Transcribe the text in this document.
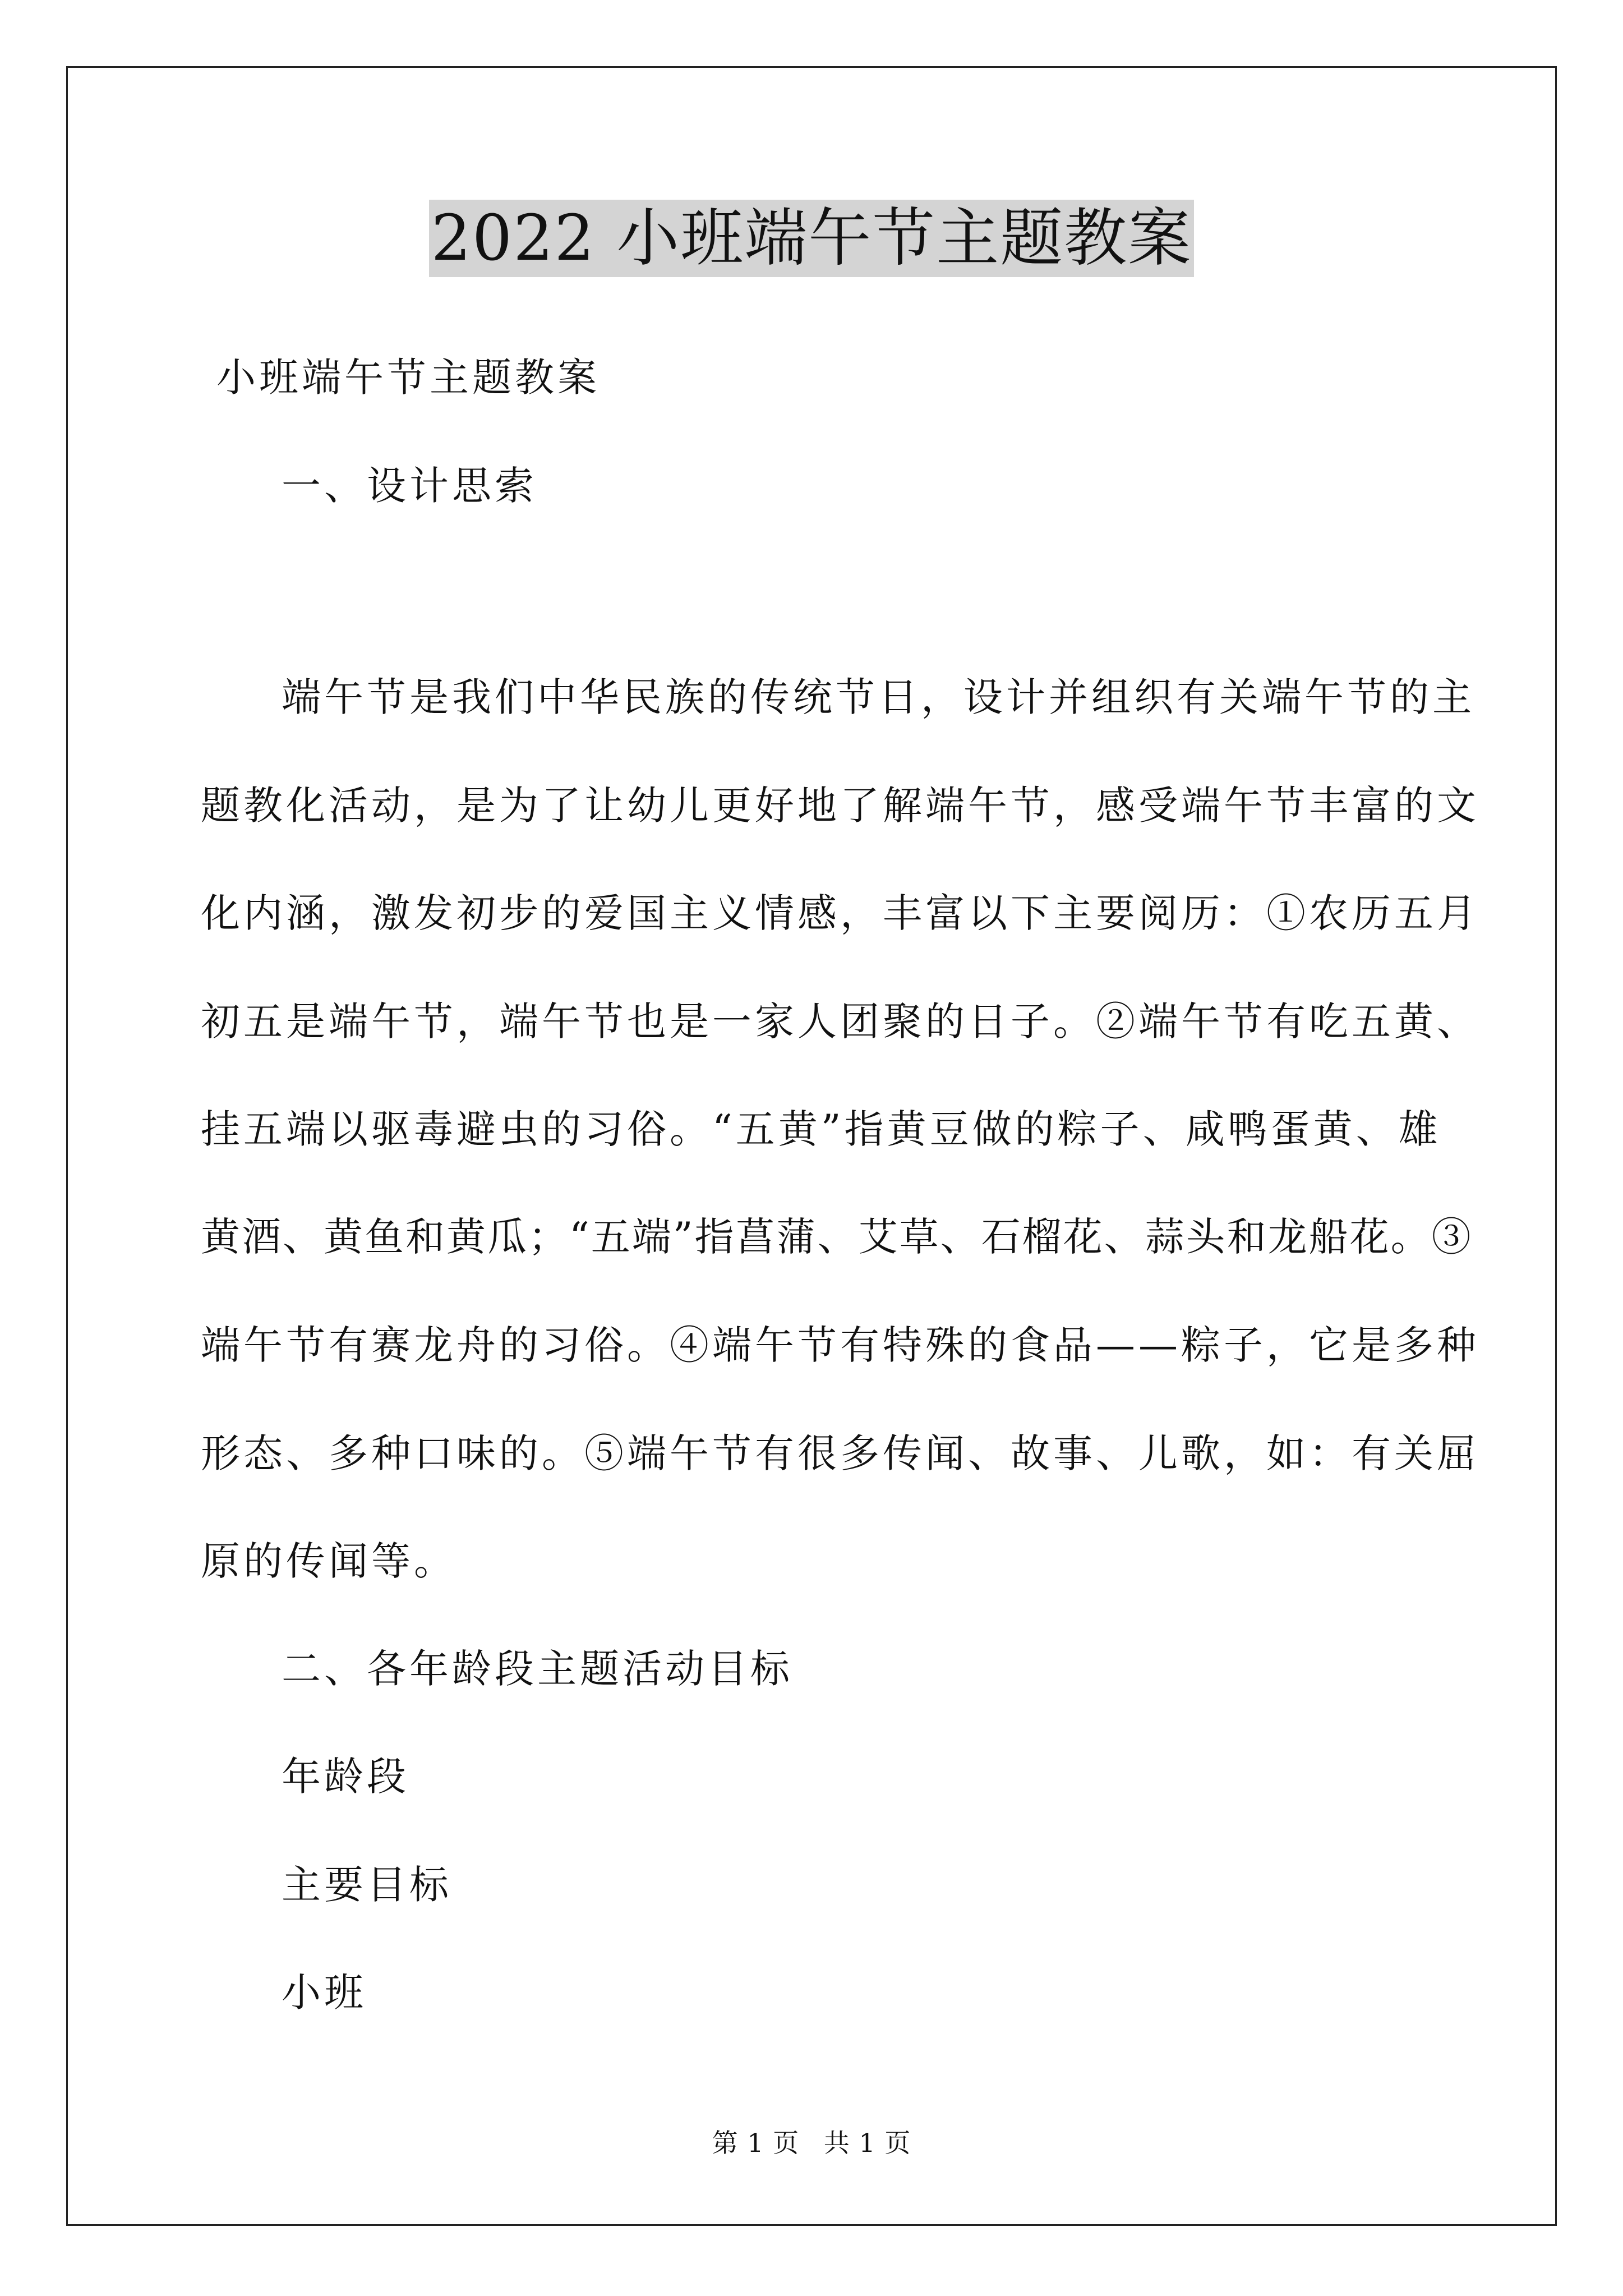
2022 小班端午节主题教案
小班端午节主题教案
一、设计思索
端午节是我们中华民族的传统节日，设计并组织有关端午节的主
题教化活动，是为了让幼儿更好地了解端午节，感受端午节丰富的文
化内涵，激发初步的爱国主义情感，丰富以下主要阅历：①农历五月
初五是端午节，端午节也是一家人团聚的日子。②端午节有吃五黄、
挂五端以驱毒避虫的习俗。“五黄”指黄豆做的粽子、咸鸭蛋黄、雄
黄酒、黄鱼和黄瓜；“五端”指菖蒲、艾草、石榴花、蒜头和龙船花。③
端午节有赛龙舟的习俗。④端午节有特殊的食品——粽子，它是多种
形态、多种口味的。⑤端午节有很多传闻、故事、儿歌，如：有关屈
原的传闻等。
二、各年龄段主题活动目标
年龄段
主要目标
小班
第 1 页 共 1 页
